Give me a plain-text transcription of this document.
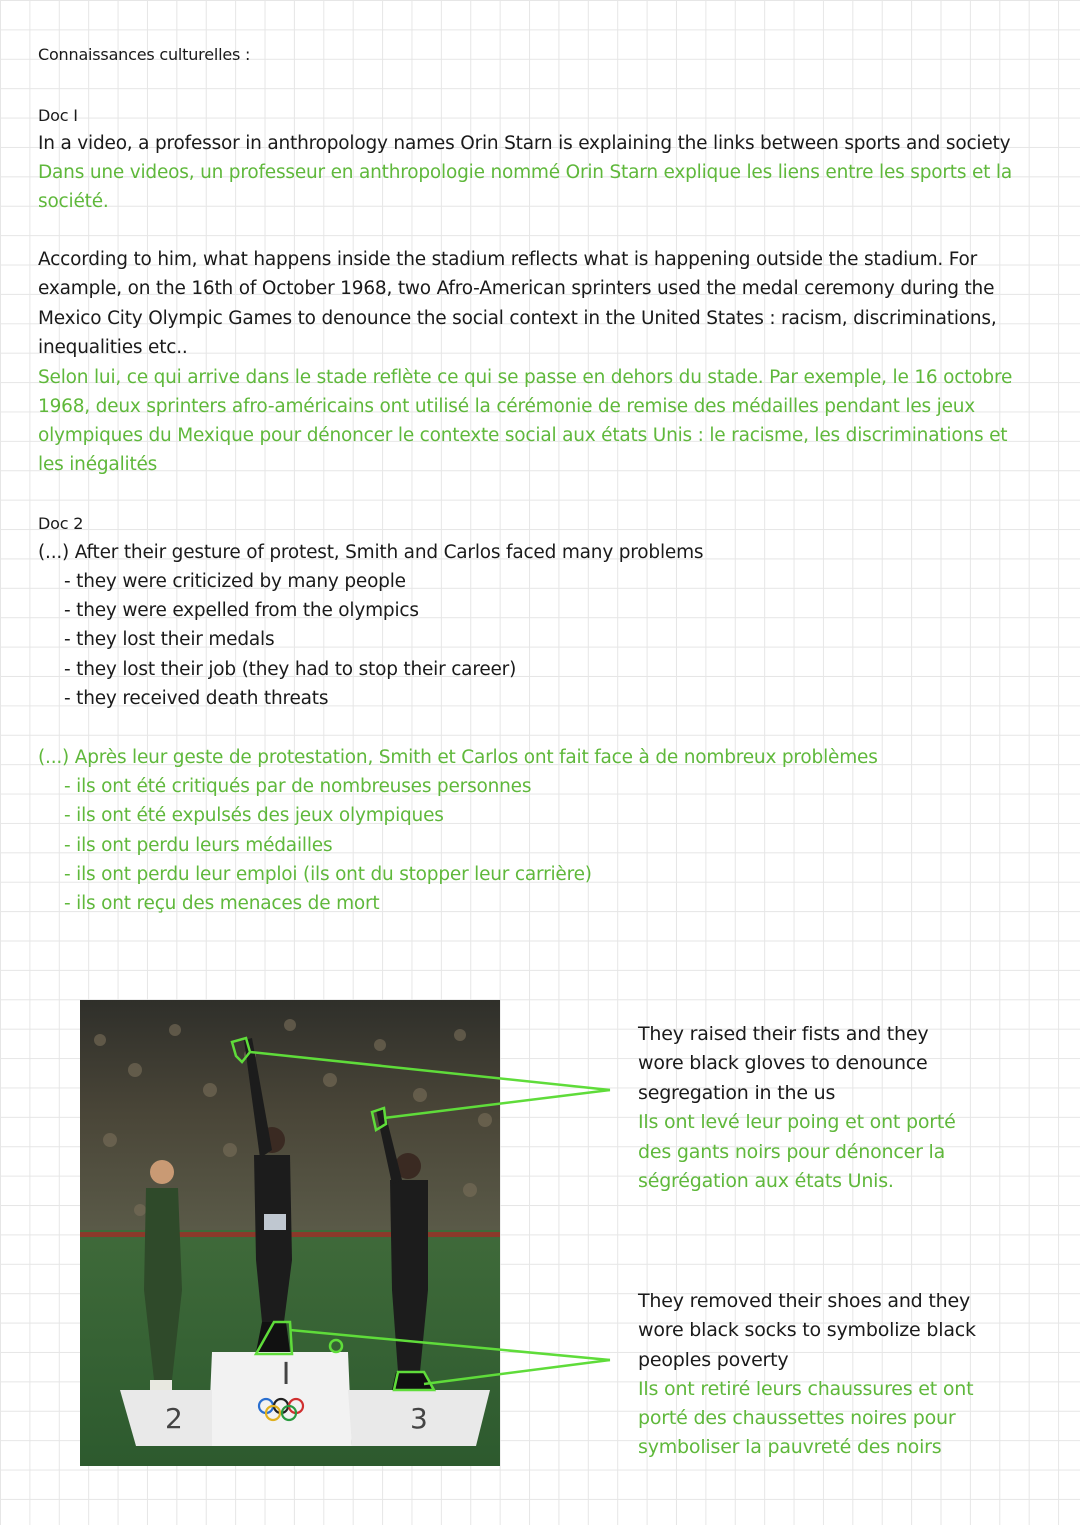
Connaissances culturelles :
Doc I
In a video, a professor in anthropology names Orin Starn is explaining the links between sports and society
Dans une videos, un professeur en anthropologie nommé Orin Starn explique les liens entre les sports et la
société.
According to him, what happens inside the stadium reflects what is happening outside the stadium. For
example, on the 16th of October 1968, two Afro-American sprinters used the medal ceremony during the
Mexico City Olympic Games to denounce the social context in the United States : racism, discriminations,
inequalities etc..
Selon lui, ce qui arrive dans le stade reflète ce qui se passe en dehors du stade. Par exemple, le 16 octobre
1968, deux sprinters afro-américains ont utilisé la cérémonie de remise des médailles pendant les jeux
olympiques du Mexique pour dénoncer le contexte social aux états Unis : le racisme, les discriminations et
les inégalités
Doc 2
(...) After their gesture of protest, Smith and Carlos faced many problems
- they were criticized by many people
- they were expelled from the olympics
- they lost their medals
- they lost their job (they had to stop their career)
- they received death threats
(...) Après leur geste de protestation, Smith et Carlos ont fait face à de nombreux problèmes
- ils ont été critiqués par de nombreuses personnes
- ils ont été expulsés des jeux olympiques
- ils ont perdu leurs médailles
- ils ont perdu leur emploi (ils ont du stopper leur carrière)
- ils ont reçu des menaces de mort
2
I
3
They raised their fists and they
wore black gloves to denounce
segregation in the us
Ils ont levé leur poing et ont porté
des gants noirs pour dénoncer la
ségrégation aux états Unis.
They removed their shoes and they
wore black socks to symbolize black
peoples poverty
Ils ont retiré leurs chaussures et ont
porté des chaussettes noires pour
symboliser la pauvreté des noirs
